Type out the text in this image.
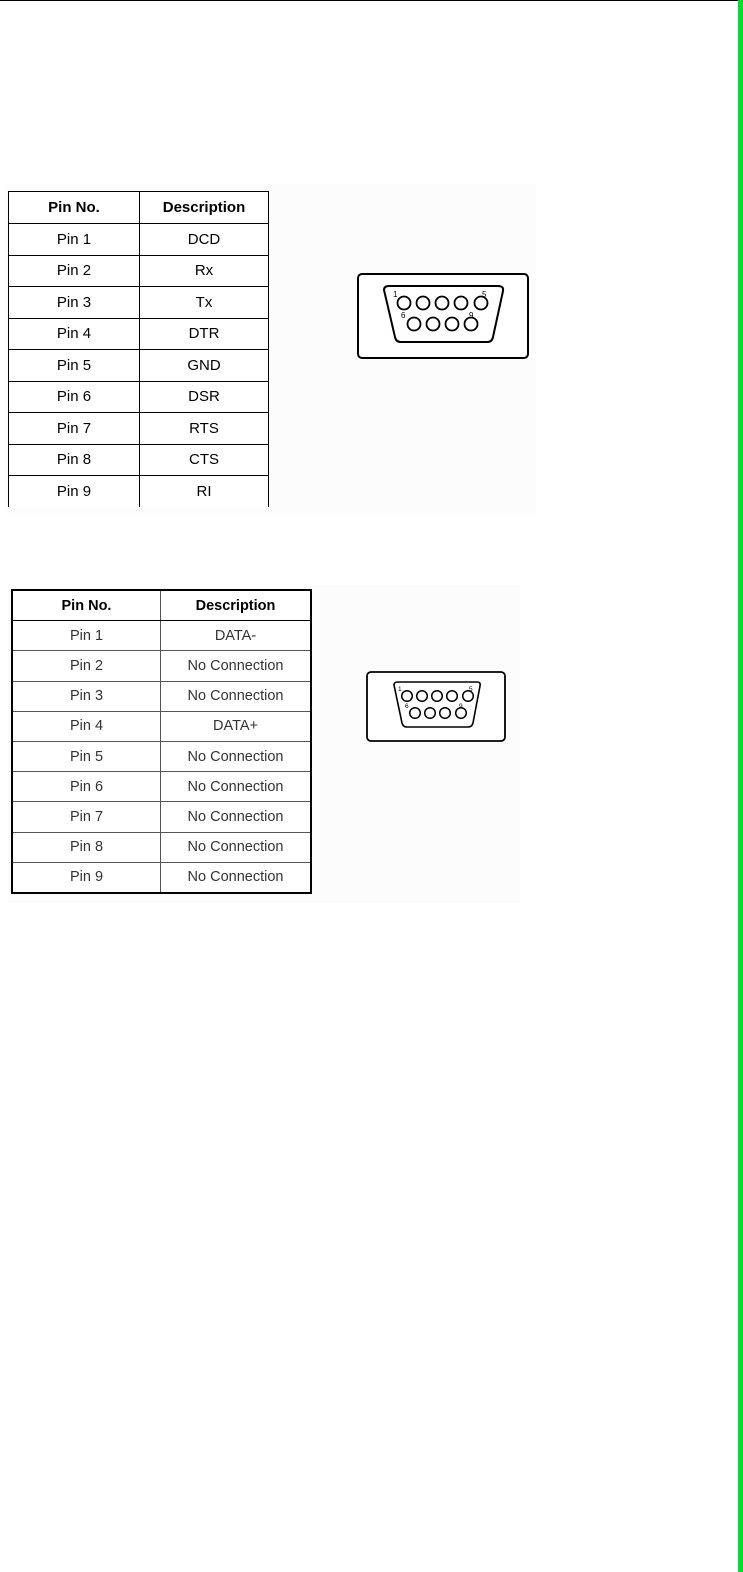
Pin No.	Description
Pin 1	DCD
Pin 2	Rx
Pin 3	Tx
Pin 4	DTR
Pin 5	GND
Pin 6	DSR
Pin 7	RTS
Pin 8	CTS
Pin 9	RI
1	5
6	9
Pin No.	Description
Pin 1	DATA-
Pin 2	No Connection
Pin 3	No Connection
Pin 4	DATA+
Pin 5	No Connection
Pin 6	No Connection
Pin 7	No Connection
Pin 8	No Connection
Pin 9	No Connection
1	5
6	9
